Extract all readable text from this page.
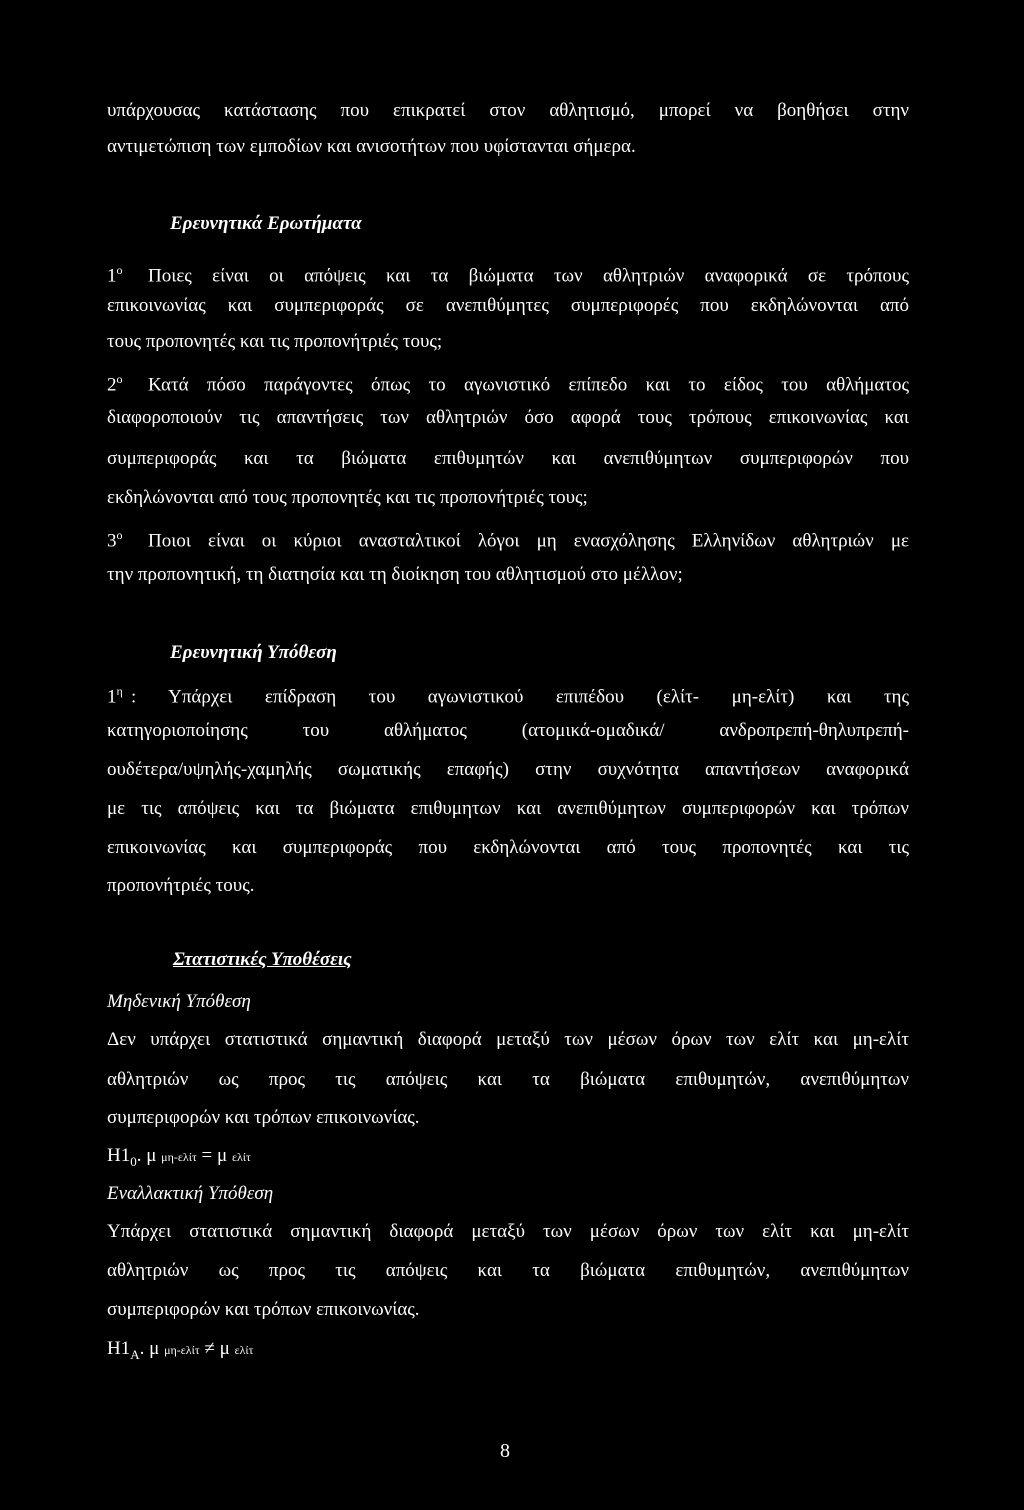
υπάρχουσας κατάστασης που επικρατεί στον αθλητισμό, μπορεί να βοηθήσει στην
αντιμετώπιση των εμποδίων και ανισοτήτων που υφίστανται σήμερα.
Ερευνητικά Ερωτήματα
$1^o$ Ποιες είναι οι απόψεις και τα βιώματα των αθλητριών αναφορικά σε τρόπους
επικοινωνίας και συμπεριφοράς σε ανεπιθύμητες συμπεριφορές που εκδηλώνονται από
τους προπονητές και τις προπονήτριές τους;
$2^o$ Κατά πόσο παράγοντες όπως το αγωνιστικό επίπεδο και το είδος του αθλήματος
διαφοροποιούν τις απαντήσεις των αθλητριών όσο αφορά τους τρόπους επικοινωνίας και
συμπεριφοράς και τα βιώματα επιθυμητών και ανεπιθύμητων συμπεριφορών που
εκδηλώνονται από τους προπονητές και τις προπονήτριές τους;
$3^o$ Ποιοι είναι οι κύριοι ανασταλτικοί λόγοι μη ενασχόλησης Ελληνίδων αθλητριών με
την προπονητική, τη διατησία και τη διοίκηση του αθλητισμού στο μέλλον;
Ερευνητική Υπόθεση
$1^\eta$ : Υπάρχει επίδραση του αγωνιστικού επιπέδου (ελίτ- μη-ελίτ) και της
κατηγοριοποίησης του αθλήματος (ατομικά-ομαδικά/ ανδροπρεπή-θηλυπρεπή-
ουδέτερα/υψηλής-χαμηλής σωματικής επαφής) στην συχνότητα απαντήσεων αναφορικά
με τις απόψεις και τα βιώματα επιθυμητων και ανεπιθύμητων συμπεριφορών και τρόπων
επικοινωνίας και συμπεριφοράς που εκδηλώνονται από τους προπονητές και τις
προπονήτριές τους.
Στατιστικές Υποθέσεις
Μηδενική Υπόθεση
Δεν υπάρχει στατιστικά σημαντική διαφορά μεταξύ των μέσων όρων των ελίτ και μη-ελίτ
αθλητριών ως προς τις απόψεις και τα βιώματα επιθυμητών, ανεπιθύμητων
συμπεριφορών και τρόπων επικοινωνίας.
$H1_0$. μ μη-ελίτ = μ ελίτ
Εναλλακτική Υπόθεση
Υπάρχει στατιστικά σημαντική διαφορά μεταξύ των μέσων όρων των ελίτ και μη-ελίτ
αθλητριών ως προς τις απόψεις και τα βιώματα επιθυμητών, ανεπιθύμητων
συμπεριφορών και τρόπων επικοινωνίας.
$H1_A$. μ μη-ελίτ ≠ μ ελίτ
8
